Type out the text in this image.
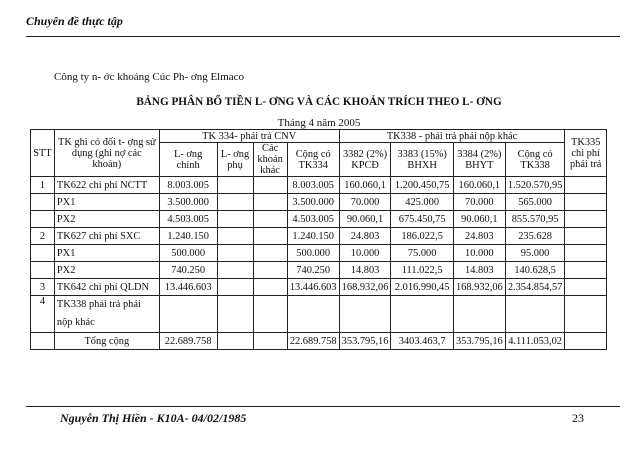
Chuyên đề thực tập
Công ty n- ớc khoáng Cúc Ph- ơng Elmaco
BẢNG PHÂN BỔ TIỀN L- ƠNG VÀ CÁC KHOẢN TRÍCH THEO L- ƠNG
Tháng 4 năm 2005
STT	TK ghi có đối t- ợng sử dụng (ghi nợ các khoản)	TK 334- phải trả CNV				TK338 - phải trả phải nộp khác				TK335 chi phí phải trả
		L- ơng chính	L- ơng phụ	Các khoản khác	Cộng có TK334	3382 (2%) KPCĐ	3383 (15%) BHXH	3384 (2%) BHYT	Cộng có TK338	
1	TK622 chi phí NCTT	8.003.005			8.003.005	160.060,1	1.200.450,75	160.060,1	1.520.570,95	
	PX1	3.500.000			3.500.000	70.000	425.000	70.000	565.000	
	PX2	4.503.005			4.503.005	90.060,1	675.450,75	90.060,1	855.570,95	
2	TK627 chi phí SXC	1.240.150			1.240.150	24.803	186.022,5	24.803	235.628	
	PX1	500.000			500.000	10.000	75.000	10.000	95.000	
	PX2	740.250			740.250	14.803	111.022,5	14.803	140.628,5	
3	TK642 chi phí QLDN	13.446.603			13.446.603	168.932,06	2.016.990,45	168.932,06	2.354.854,57	
4	TK338 phải trả phải nộp khác									
	Tổng cộng	22.689.758			22.689.758	353.795,16	3403.463,7	353.795,16	4.111.053,02	
Nguyễn Thị Hiền - K10A- 04/02/1985	23
